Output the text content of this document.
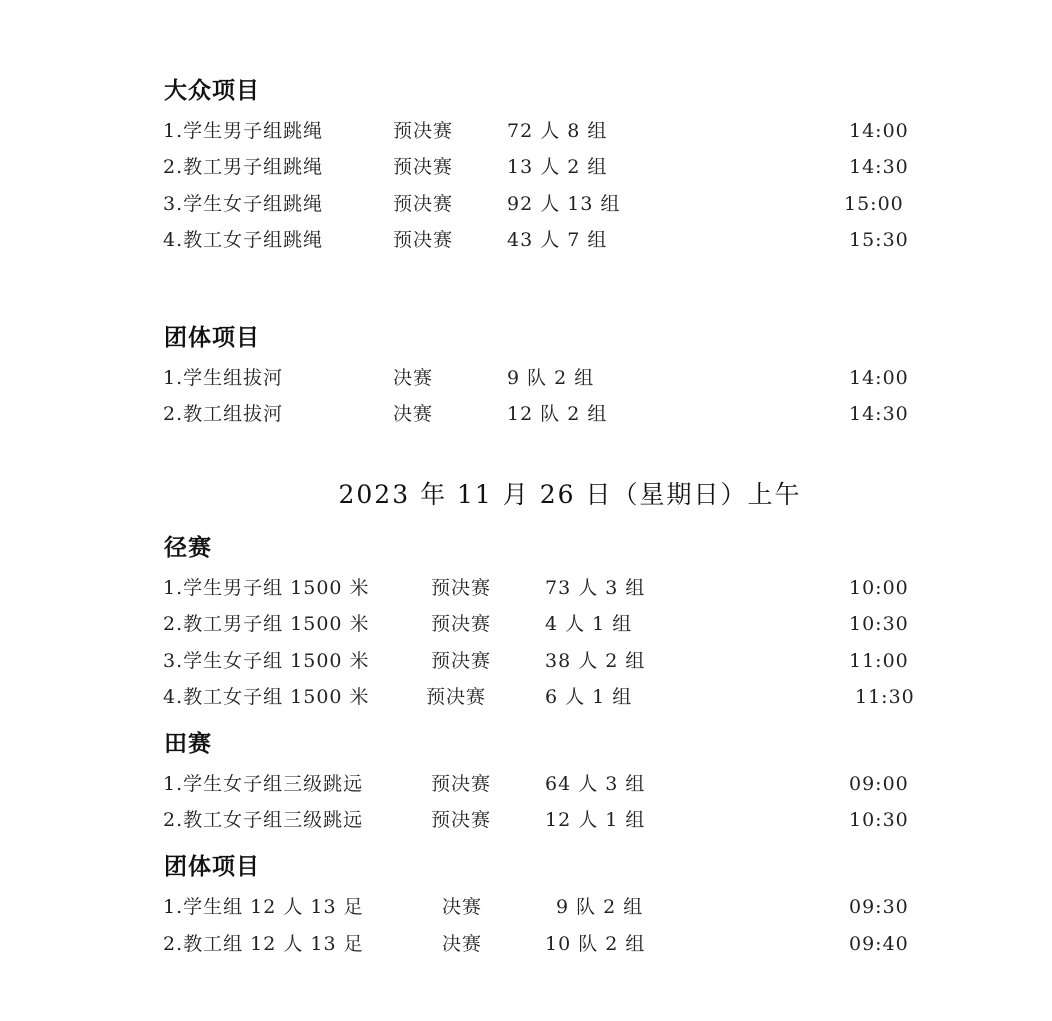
大众项目
1.学生男子组跳绳	预决赛	72 人 8 组	14:00
2.教工男子组跳绳	预决赛	13 人 2 组	14:30
3.学生女子组跳绳	预决赛	92 人 13 组	15:00
4.教工女子组跳绳	预决赛	43 人 7 组	15:30
团体项目
1.学生组拔河	决赛	9 队 2 组	14:00
2.教工组拔河	决赛	12 队 2 组	14:30
2023 年 11 月 26 日（星期日）上午
径赛
1.学生男子组 1500 米	预决赛	73 人 3 组	10:00
2.教工男子组 1500 米	预决赛	4 人 1 组	10:30
3.学生女子组 1500 米	预决赛	38 人 2 组	11:00
4.教工女子组 1500 米	预决赛	6 人 1 组	11:30
田赛
1.学生女子组三级跳远	预决赛	64 人 3 组	09:00
2.教工女子组三级跳远	预决赛	12 人 1 组	10:30
团体项目
1.学生组 12 人 13 足	决赛	9 队 2 组	09:30
2.教工组 12 人 13 足	决赛	10 队 2 组	09:40
